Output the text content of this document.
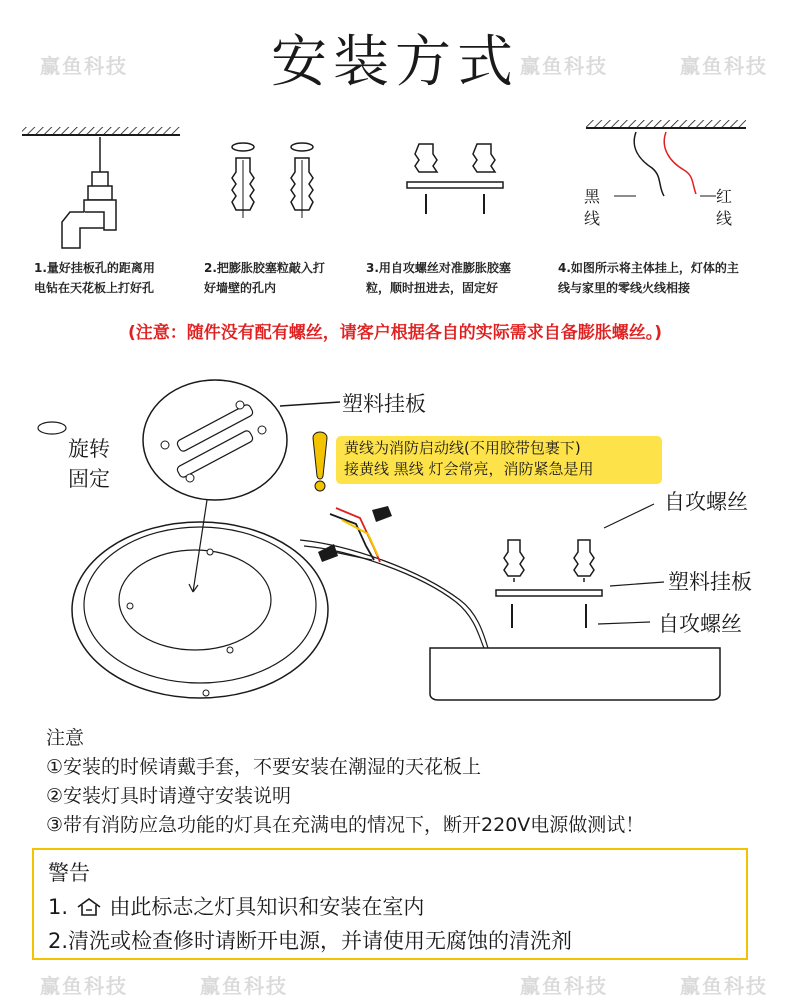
赢鱼科技	赢鱼科技	赢鱼科技
赢鱼科技	赢鱼科技	赢鱼科技	赢鱼科技
安装方式
1.量好挂板孔的距离用
电钻在天花板上打好孔
2.把膨胀胶塞粒敲入打
好墙壁的孔内
3.用自攻螺丝对准膨胀胶塞
粒，顺时扭进去，固定好
4.如图所示将主体挂上，灯体的主
线与家里的零线火线相接
黑
线
红
线
(注意：随件没有配有螺丝，请客户根据各自的实际需求自备膨胀螺丝。)
塑料挂板
旋转
固定
黄线为消防启动线(不用胶带包裹下)
接黄线 黑线 灯会常亮，消防紧急是用
自攻螺丝
塑料挂板
自攻螺丝
注意
①安装的时候请戴手套，不要安装在潮湿的天花板上
②安装灯具时请遵守安装说明
③带有消防应急功能的灯具在充满电的情况下，断开220V电源做测试！
警告
1. 由此标志之灯具知识和安装在室内
2.清洗或检查修时请断开电源，并请使用无腐蚀的清洗剂
